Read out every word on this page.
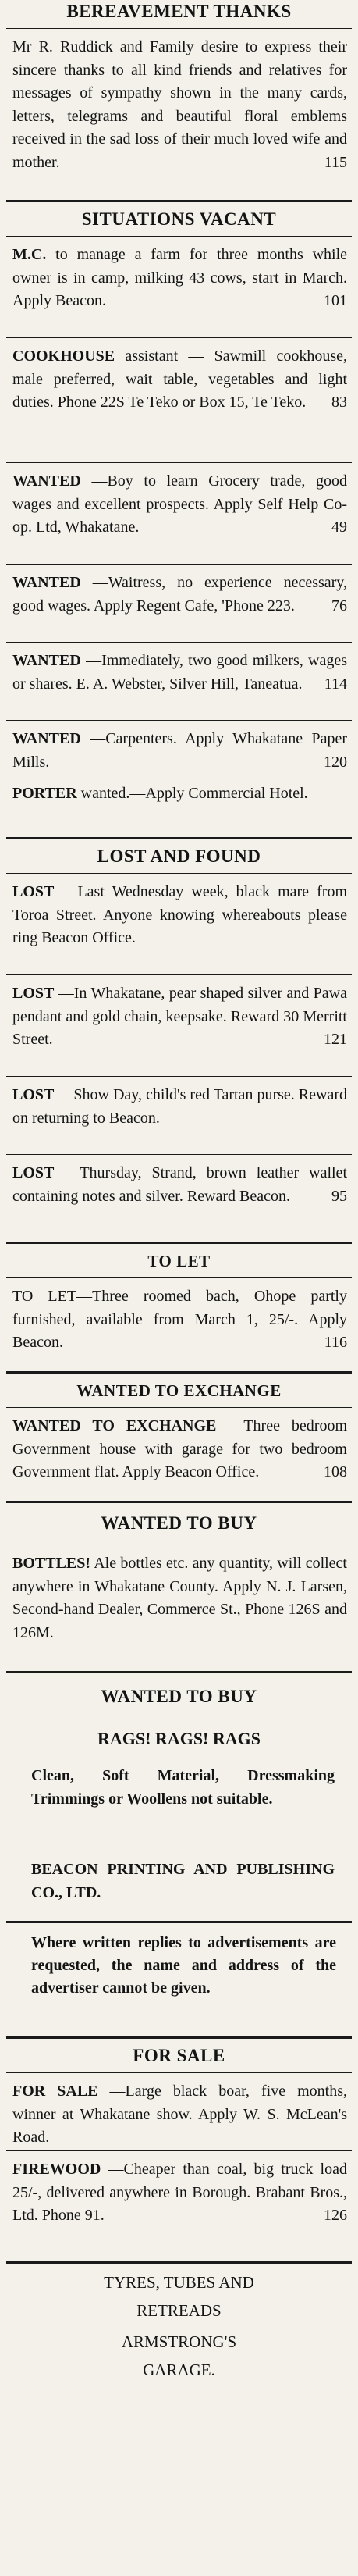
BEREAVEMENT THANKS
Mr R. Ruddick and Family desire to express their sincere thanks to all kind friends and relatives for messages of sympathy shown in the many cards, letters, telegrams and beautiful floral emblems received in the sad loss of their much loved wife and mother.	115
SITUATIONS VACANT
M.C. to manage a farm for three months while owner is in camp, milking 43 cows, start in March. Apply Beacon.	101
COOKHOUSE assistant — Sawmill cookhouse, male preferred, wait table, vegetables and light duties. Phone 22S Te Teko or Box 15, Te Teko. 83
WANTED —Boy to learn Grocery trade, good wages and excellent prospects. Apply Self Help Co-op. Ltd, Whakatane.	49
WANTED —Waitress, no experience necessary, good wages. Apply Regent Cafe, 'Phone 223. 76
WANTED —Immediately, two good milkers, wages or shares. E. A. Webster, Silver Hill, Taneatua. 114
WANTED —Carpenters. Apply Whakatane Paper Mills.	120
PORTER wanted.—Apply Commercial Hotel.
LOST AND FOUND
LOST —Last Wednesday week, black mare from Toroa Street. Anyone knowing whereabouts please ring Beacon Office.
LOST —In Whakatane, pear shaped silver and Pawa pendant and gold chain, keepsake. Reward 30 Merritt Street.	121
LOST —Show Day, child's red Tartan purse. Reward on returning to Beacon.
LOST —Thursday, Strand, brown leather wallet containing notes and silver. Reward Beacon.	95
TO LET
TO LET—Three roomed bach, Ohope partly furnished, available from March 1, 25/-. Apply Beacon.	116
WANTED TO EXCHANGE
WANTED TO EXCHANGE —Three bedroom Government house with garage for two bedroom Government flat. Apply Beacon Office.	108
WANTED TO BUY
BOTTLES! Ale bottles etc. any quantity, will collect anywhere in Whakatane County. Apply N. J. Larsen, Second-hand Dealer, Commerce St., Phone 126S and 126M.
WANTED TO BUY
RAGS! RAGS! RAGS
Clean, Soft Material, Dressmaking Trimmings or Woollens not suitable.
BEACON PRINTING AND PUBLISHING CO., LTD.
Where written replies to advertisements are requested, the name and address of the advertiser cannot be given.
FOR SALE
FOR SALE —Large black boar, five months, winner at Whakatane show. Apply W. S. McLean's Road.
FIREWOOD —Cheaper than coal, big truck load 25/-, delivered anywhere in Borough. Brabant Bros., Ltd. Phone 91.	126
TYRES, TUBES AND
RETREADS
ARMSTRONG'S
GARAGE.
